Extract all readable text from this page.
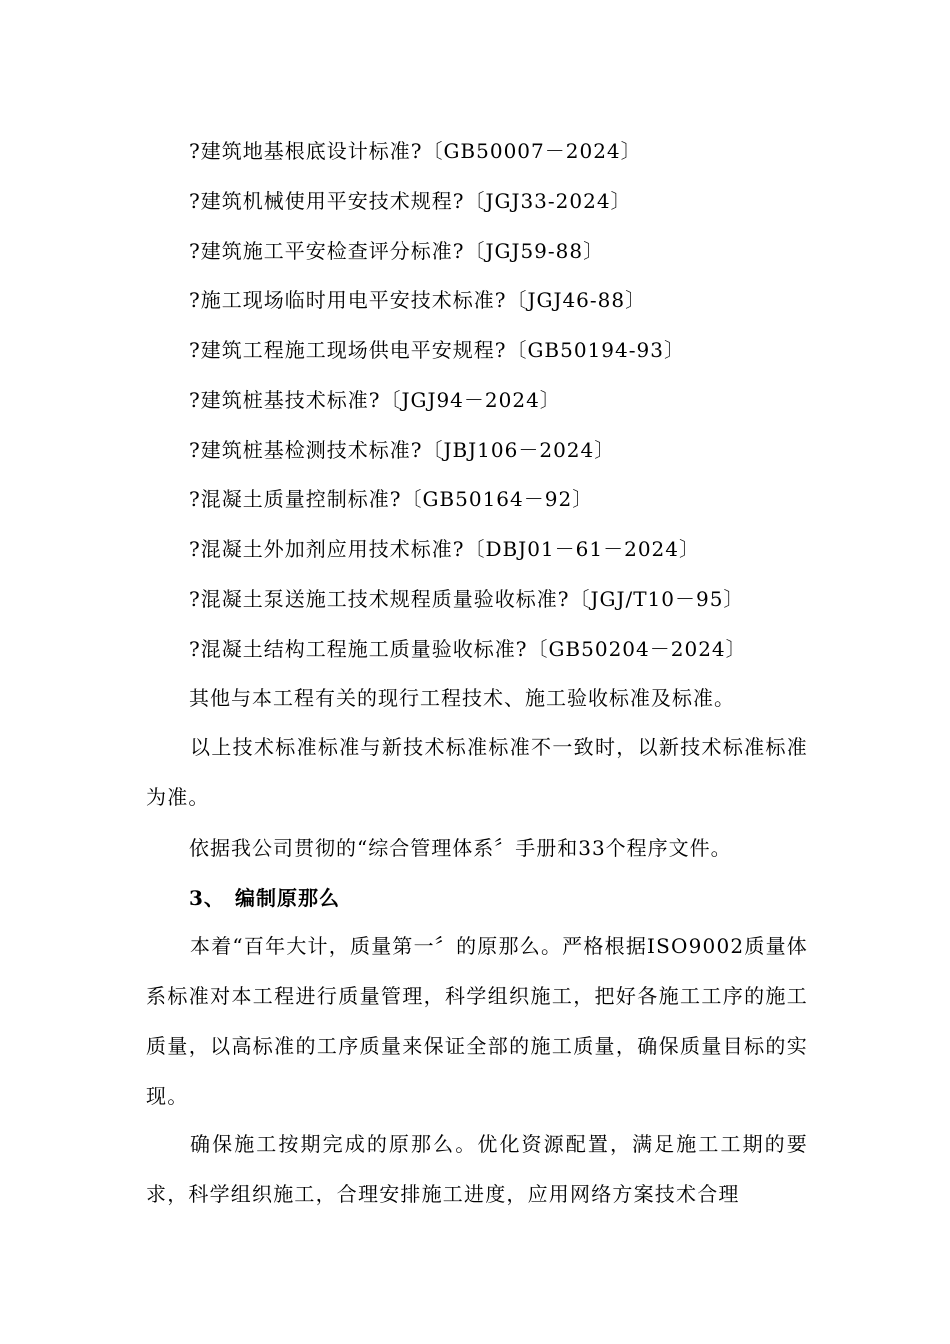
?建筑地基根底设计标准?〔GB50007－2024〕
?建筑机械使用平安技术规程?〔JGJ33-2024〕
?建筑施工平安检查评分标准?〔JGJ59-88〕
?施工现场临时用电平安技术标准?〔JGJ46-88〕
?建筑工程施工现场供电平安规程?〔GB50194-93〕
?建筑桩基技术标准?〔JGJ94－2024〕
?建筑桩基检测技术标准?〔JBJ106－2024〕
?混凝土质量控制标准?〔GB50164－92〕
?混凝土外加剂应用技术标准?〔DBJ01－61－2024〕
?混凝土泵送施工技术规程质量验收标准?〔JGJ/T10－95〕
?混凝土结构工程施工质量验收标准?〔GB50204－2024〕
其他与本工程有关的现行工程技术、施工验收标准及标准。

以上技术标准标准与新技术标准标准不一致时，以新技术标准标准为准。

依据我公司贯彻的“综合管理体系〞手册和33个程序文件。
3、 编制原那么

本着“百年大计，质量第一〞的原那么。严格根据ISO9002质量体系标准对本工程进行质量管理，科学组织施工，把好各施工工序的施工质量，以高标准的工序质量来保证全部的施工质量，确保质量目标的实现。

确保施工按期完成的原那么。优化资源配置，满足施工工期的要求，科学组织施工，合理安排施工进度，应用网络方案技术合理
